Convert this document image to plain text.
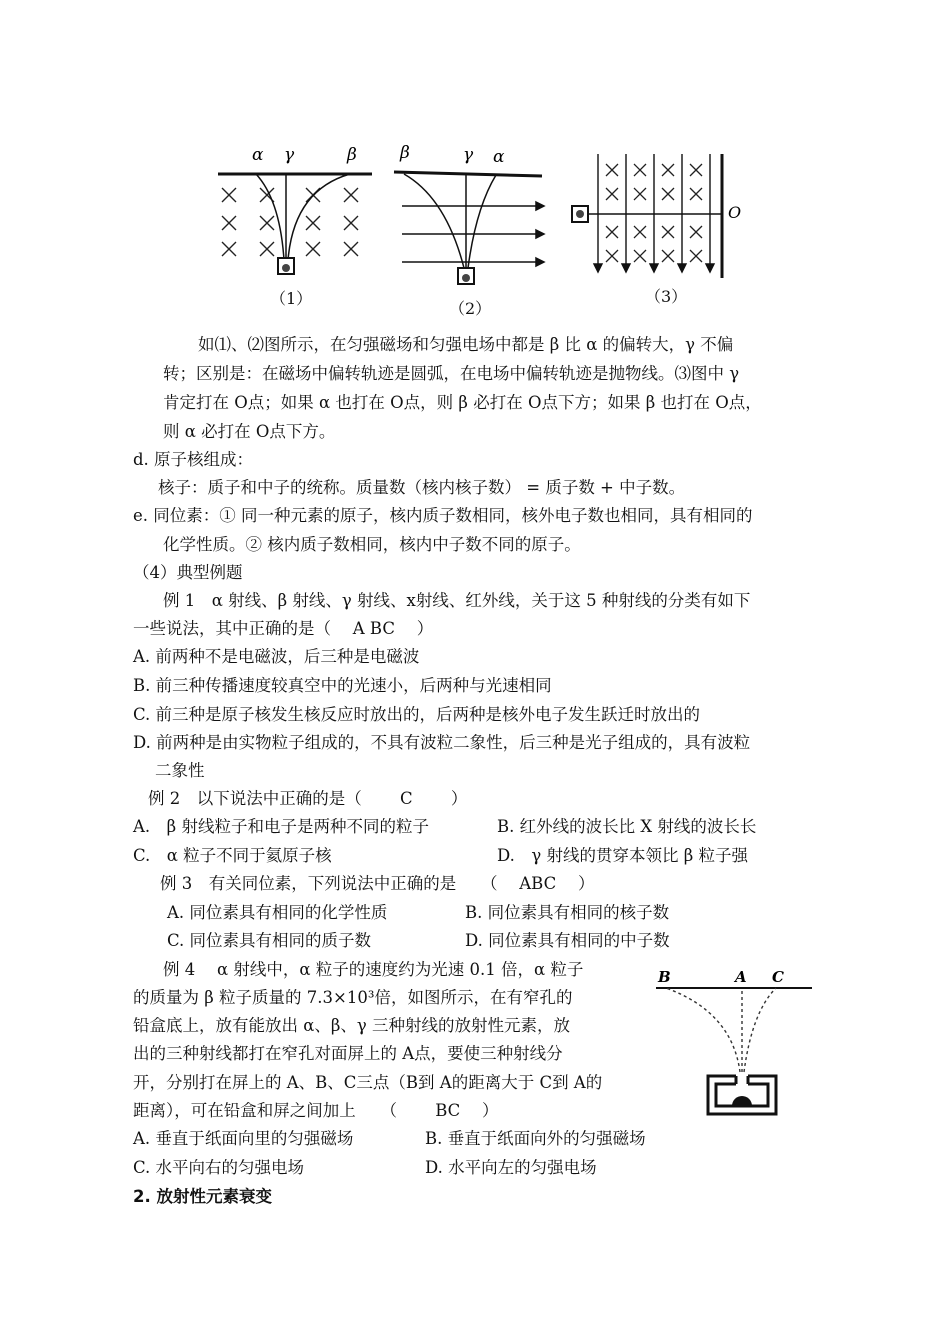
α γ	β
（1）
β	γ α
（2）
O
（3）
如⑴、⑵图所示，在匀强磁场和匀强电场中都是 β 比 α 的偏转大，γ 不偏
转；区别是：在磁场中偏转轨迹是圆弧，在电场中偏转轨迹是抛物线。⑶图中 γ
肯定打在 O点；如果 α 也打在 O点，则 β 必打在 O点下方；如果 β 也打在 O点，
则 α 必打在 O点下方。
d. 原子核组成：
核子：质子和中子的统称。质量数（核内核子数） = 质子数 + 中子数。
e. 同位素：① 同一种元素的原子，核内质子数相同，核外电子数也相同，具有相同的
化学性质。② 核内质子数相同，核内中子数不同的原子。
（4）典型例题
例 1　α 射线、β 射线、γ 射线、x射线、红外线，关于这 5 种射线的分类有如下
一些说法，其中正确的是（　 A BC　 ）
A. 前两种不是电磁波，后三种是电磁波
B. 前三种传播速度较真空中的光速小，后两种与光速相同
C. 前三种是原子核发生核反应时放出的，后两种是核外电子发生跃迁时放出的
D. 前两种是由实物粒子组成的，不具有波粒二象性，后三种是光子组成的，具有波粒
二象性
例 2　以下说法中正确的是（　　 C　　 ）
A.　β 射线粒子和电子是两种不同的粒子	B. 红外线的波长比 X 射线的波长长
C.　α 粒子不同于氦原子核	D.　γ 射线的贯穿本领比 β 粒子强
例 3　有关同位素，下列说法中正确的是　　（　 ABC　 ）
A. 同位素具有相同的化学性质	B. 同位素具有相同的核子数
C. 同位素具有相同的质子数	D. 同位素具有相同的中子数
例 4　 α 射线中，α 粒子的速度约为光速 0.1 倍，α 粒子
的质量为 β 粒子质量的 7.3×10³倍，如图所示，在有窄孔的
铅盒底上，放有能放出 α、β、γ 三种射线的放射性元素，放
出的三种射线都打在窄孔对面屏上的 A点，要使三种射线分
开，分别打在屏上的 A、B、C三点（B到 A的距离大于 C到 A的
距离），可在铅盒和屏之间加上　　（　　 BC　 ）
A. 垂直于纸面向里的匀强磁场	B. 垂直于纸面向外的匀强磁场
C. 水平向右的匀强电场	D. 水平向左的匀强电场
B	A C
2. 放射性元素衰变
